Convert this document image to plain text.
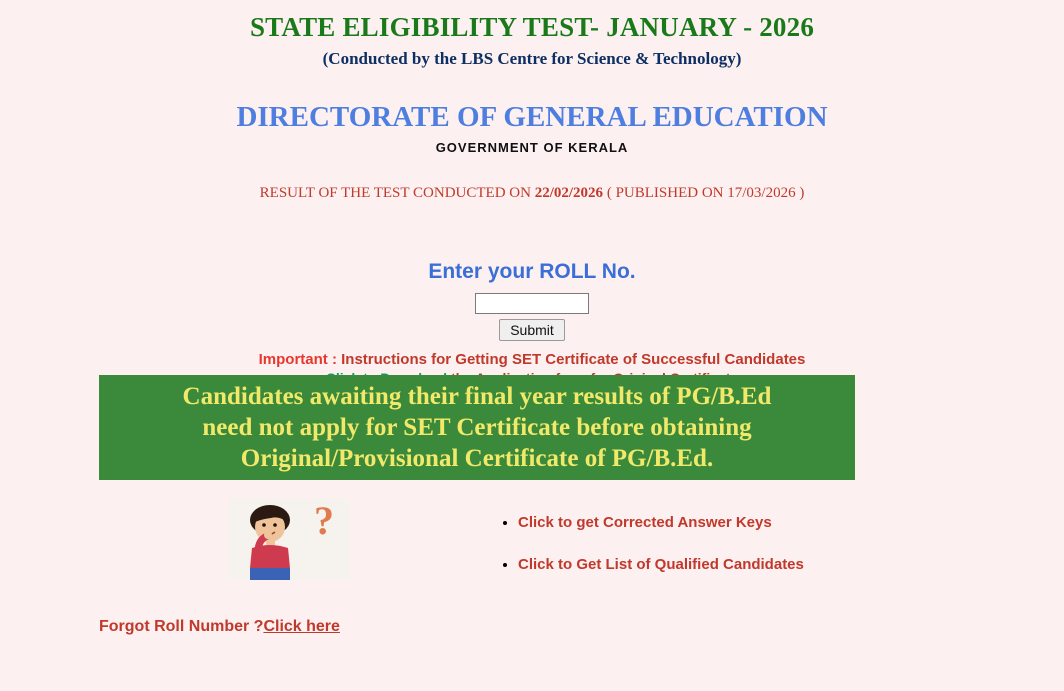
STATE ELIGIBILITY TEST- JANUARY - 2026
(Conducted by the LBS Centre for Science & Technology)
DIRECTORATE OF GENERAL EDUCATION
GOVERNMENT OF KERALA
RESULT OF THE TEST CONDUCTED ON 22/02/2026 ( PUBLISHED ON 17/03/2026 )
Enter your ROLL No.
Submit
Important : Instructions for Getting SET Certificate of Successful Candidates
Candidates awaiting their final year results of PG/B.Ed
need not apply for SET Certificate before obtaining
Original/Provisional Certificate of PG/B.Ed.
?	• Click to get Corrected Answer Keys
• Click to Get List of Qualified Candidates
Forgot Roll Number ?Click here
